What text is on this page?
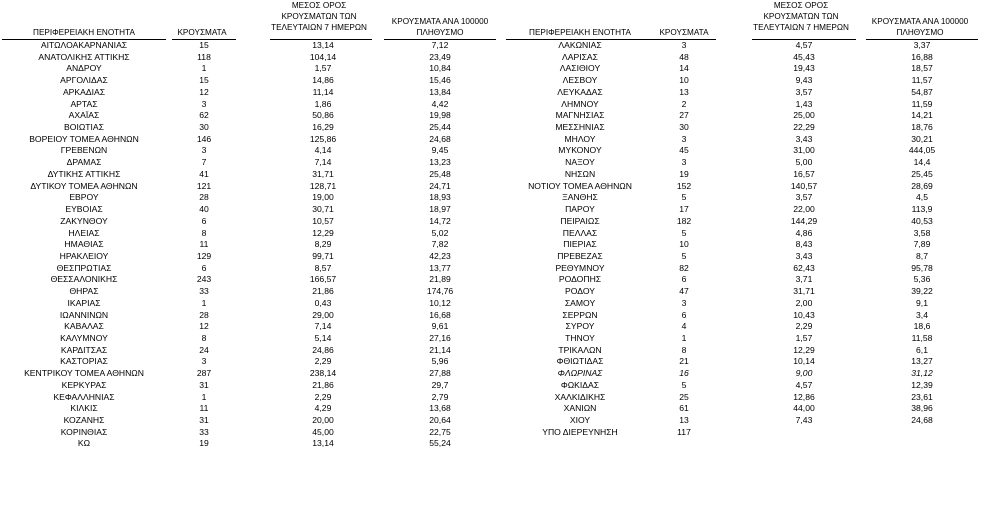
ΠΕΡΙΦΕΡΕΙΑΚΗ ΕΝΟΤΗΤΑ	ΚΡΟΥΣΜΑΤΑ
ΜΕΣΟΣ ΟΡΟΣ
ΚΡΟΥΣΜΑΤΩΝ ΤΩΝ
ΤΕΛΕΥΤΑΙΩΝ 7 ΗΜΕΡΩΝ
ΚΡΟΥΣΜΑΤΑ ΑΝΑ 100000
ΠΛΗΘΥΣΜΟ
ΑΙΤΩΛΟΑΚΑΡΝΑΝΙΑΣ	15	13,14	7,12
ΑΝΑΤΟΛΙΚΗΣ ΑΤΤΙΚΗΣ	118	104,14	23,49
ΑΝΔΡΟΥ	1	1,57	10,84
ΑΡΓΟΛΙΔΑΣ	15	14,86	15,46
ΑΡΚΑΔΙΑΣ	12	11,14	13,84
ΑΡΤΑΣ	3	1,86	4,42
ΑΧΑΪΑΣ	62	50,86	19,98
ΒΟΙΩΤΙΑΣ	30	16,29	25,44
ΒΟΡΕΙΟΥ ΤΟΜΕΑ ΑΘΗΝΩΝ	146	125,86	24,68
ΓΡΕΒΕΝΩΝ	3	4,14	9,45
ΔΡΑΜΑΣ	7	7,14	13,23
ΔΥΤΙΚΗΣ ΑΤΤΙΚΗΣ	41	31,71	25,48
ΔΥΤΙΚΟΥ ΤΟΜΕΑ ΑΘΗΝΩΝ	121	128,71	24,71
ΕΒΡΟΥ	28	19,00	18,93
ΕΥΒΟΙΑΣ	40	30,71	18,97
ΖΑΚΥΝΘΟΥ	6	10,57	14,72
ΗΛΕΙΑΣ	8	12,29	5,02
ΗΜΑΘΙΑΣ	11	8,29	7,82
ΗΡΑΚΛΕΙΟΥ	129	99,71	42,23
ΘΕΣΠΡΩΤΙΑΣ	6	8,57	13,77
ΘΕΣΣΑΛΟΝΙΚΗΣ	243	166,57	21,89
ΘΗΡΑΣ	33	21,86	174,76
ΙΚΑΡΙΑΣ	1	0,43	10,12
ΙΩΑΝΝΙΝΩΝ	28	29,00	16,68
ΚΑΒΑΛΑΣ	12	7,14	9,61
ΚΑΛΥΜΝΟΥ	8	5,14	27,16
ΚΑΡΔΙΤΣΑΣ	24	24,86	21,14
ΚΑΣΤΟΡΙΑΣ	3	2,29	5,96
ΚΕΝΤΡΙΚΟΥ ΤΟΜΕΑ ΑΘΗΝΩΝ	287	238,14	27,88
ΚΕΡΚΥΡΑΣ	31	21,86	29,7
ΚΕΦΑΛΛΗΝΙΑΣ	1	2,29	2,79
ΚΙΛΚΙΣ	11	4,29	13,68
ΚΟΖΑΝΗΣ	31	20,00	20,64
ΚΟΡΙΝΘΙΑΣ	33	45,00	22,75
ΚΩ	19	13,14	55,24
ΠΕΡΙΦΕΡΕΙΑΚΗ ΕΝΟΤΗΤΑ	ΚΡΟΥΣΜΑΤΑ
ΜΕΣΟΣ ΟΡΟΣ
ΚΡΟΥΣΜΑΤΩΝ ΤΩΝ
ΤΕΛΕΥΤΑΙΩΝ 7 ΗΜΕΡΩΝ
ΚΡΟΥΣΜΑΤΑ ΑΝΑ 100000
ΠΛΗΘΥΣΜΟ
ΛΑΚΩΝΙΑΣ	3	4,57	3,37
ΛΑΡΙΣΑΣ	48	45,43	16,88
ΛΑΣΙΘΙΟΥ	14	19,43	18,57
ΛΕΣΒΟΥ	10	9,43	11,57
ΛΕΥΚΑΔΑΣ	13	3,57	54,87
ΛΗΜΝΟΥ	2	1,43	11,59
ΜΑΓΝΗΣΙΑΣ	27	25,00	14,21
ΜΕΣΣΗΝΙΑΣ	30	22,29	18,76
ΜΗΛΟΥ	3	3,43	30,21
ΜΥΚΟΝΟΥ	45	31,00	444,05
ΝΑΞΟΥ	3	5,00	14,4
ΝΗΣΩΝ	19	16,57	25,45
ΝΟΤΙΟΥ ΤΟΜΕΑ ΑΘΗΝΩΝ	152	140,57	28,69
ΞΑΝΘΗΣ	5	3,57	4,5
ΠΑΡΟΥ	17	22,00	113,9
ΠΕΙΡΑΙΩΣ	182	144,29	40,53
ΠΕΛΛΑΣ	5	4,86	3,58
ΠΙΕΡΙΑΣ	10	8,43	7,89
ΠΡΕΒΕΖΑΣ	5	3,43	8,7
ΡΕΘΥΜΝΟΥ	82	62,43	95,78
ΡΟΔΟΠΗΣ	6	3,71	5,36
ΡΟΔΟΥ	47	31,71	39,22
ΣΑΜΟΥ	3	2,00	9,1
ΣΕΡΡΩΝ	6	10,43	3,4
ΣΥΡΟΥ	4	2,29	18,6
ΤΗΝΟΥ	1	1,57	11,58
ΤΡΙΚΑΛΩΝ	8	12,29	6,1
ΦΘΙΩΤΙΔΑΣ	21	10,14	13,27
ΦΛΩΡΙΝΑΣ	16	9,00	31,12
ΦΩΚΙΔΑΣ	5	4,57	12,39
ΧΑΛΚΙΔΙΚΗΣ	25	12,86	23,61
ΧΑΝΙΩΝ	61	44,00	38,96
ΧΙΟΥ	13	7,43	24,68
ΥΠΟ ΔΙΕΡΕΥΝΗΣΗ	117
